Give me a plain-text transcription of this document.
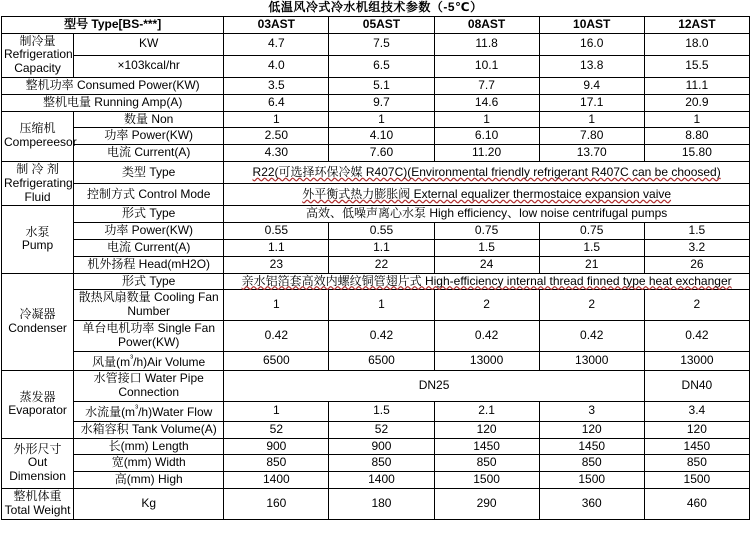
低温风冷式冷水机组技术参数（-5℃）						
型号 Type[BS-***]		03AST	05AST	08AST	10AST	12AST

制冷量
Refrigeration Capacity	KW	4.7	7.5	11.8	16.0	18.0
	×103kcal/hr	4.0	6.5	10.1	13.8	15.5
整机功率 Consumed Power(KW)		3.5	5.1	7.7	9.4	11.1
整机电量 Running Amp(A)		6.4	9.7	14.6	17.1	20.9

压缩机
Compereesor	数量 Non	1	1	1	1	1
	功率 Power(KW)	2.50	4.10	6.10	7.80	8.80
	电流 Current(A)	4.30	7.60	11.20	13.70	15.80

制 冷 剂
Refrigerating Fluid	类型 Type	R22(可选择环保冷媒 R407C)(Environmental friendly refrigerant R407C can be choosed)				
	控制方式 Control Mode	外平衡式热力膨胀阀 External equalizer thermostaice expansion vaive				

水泵
Pump	形式 Type	高效、低噪声离心水泵 High efficiency、low noise centrifugal pumps				
	功率 Power(KW)	0.55	0.55	0.75	0.75	1.5
	电流 Current(A)	1.1	1.1	1.5	1.5	3.2
	机外扬程 Head(mH2O)	23	22	24	21	26

冷凝器
Condenser	形式 Type	亲水铝箔套高效内螺纹铜管翅片式 High-efficiency internal thread finned type heat exchanger				
	散热风扇数量 Cooling Fan Number	1	1	2	2	2
	单台电机功率 Single Fan Power(KW)	0.42	0.42	0.42	0.42	0.42
	风量$(m^{^3}/h)Air$ Volume	6500	6500	13000	13000	13000

蒸发器
Evaporator	水管接口 Water Pipe Connection	DN25				DN40
	水流量$(m^{^3}/h)Water$ Flow	1	1.5	2.1	3	3.4
	水箱容积 Tank Volume(A)	52	52	120	120	120

外形尺寸
Out Dimension	长(mm) Length	900	900	1450	1450	1450
	宽(mm) Width	850	850	850	850	850
	高(mm) High	1400	1400	1500	1500	1500
整机体重 Total Weight	Kg	160	180	290	360	460
